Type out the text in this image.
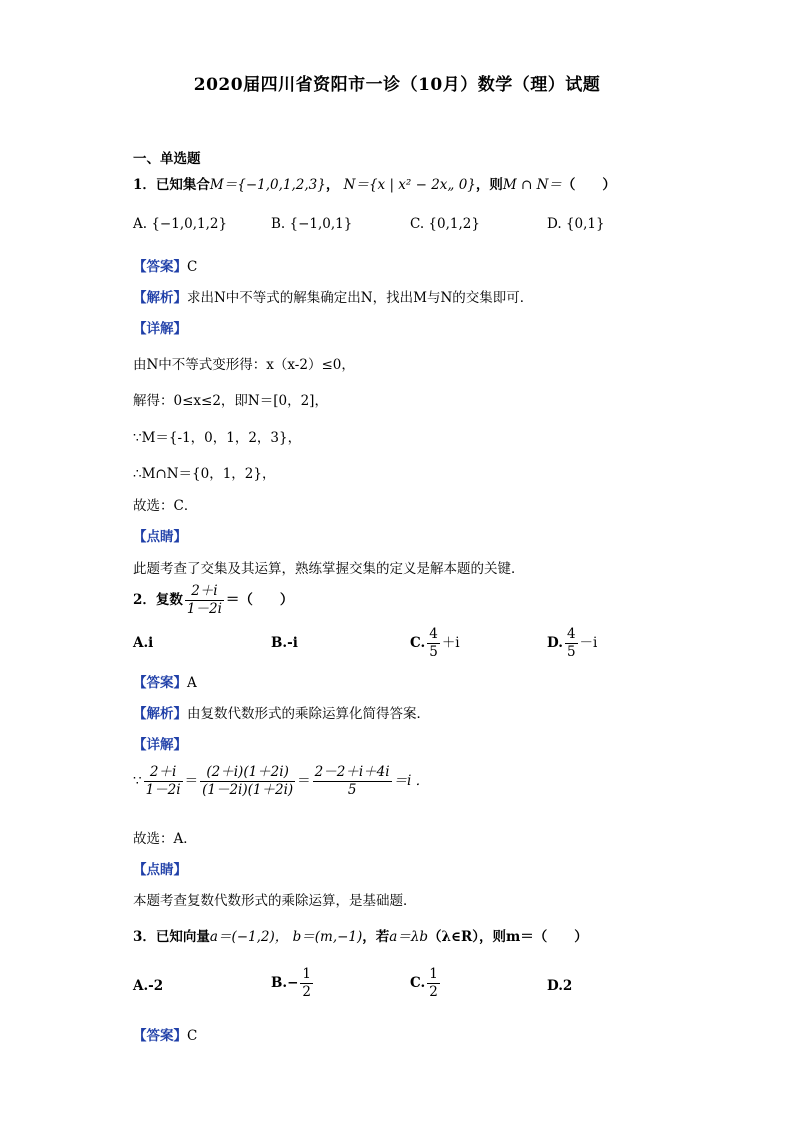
2020届四川省资阳市一诊（10月）数学（理）试题
一、单选题
1．已知集合M＝{−1,0,1,2,3}， N＝{x | x² − 2x„ 0}，则M ∩ N＝（　　）
A. {−1,0,1,2}	B. {−1,0,1}	C. {0,1,2}	D. {0,1}
【答案】C
【解析】求出N中不等式的解集确定出N，找出M与N的交集即可．
【详解】
由N中不等式变形得：x（x-2）≤0，
解得：0≤x≤2，即N＝[0，2]，
∵M＝{-1，0，1，2，3}，
∴M∩N＝{0，1，2}，
故选：C．
【点睛】
此题考查了交集及其运算，熟练掌握交集的定义是解本题的关键．
2．复数 $\frac{2+i}{1-2i}$ ＝（　　）
A.i	B.-i	C. $\frac{4}{5} +i$	D. $\frac{4}{5} -i$
【答案】A
【解析】由复数代数形式的乘除运算化简得答案．
【详解】
∵ $\frac{2+i}{1-2i} = \frac{(2+i)(1+2i)}{(1-2i)(1+2i)} = \frac{2-2+i+4i}{5} =i$ ．
故选：A．
【点睛】
本题考查复数代数形式的乘除运算，是基础题．
3．已知向量a＝(−1,2)， b＝(m,−1)，若a＝λb（λ∈R），则m＝（　　）
A.-2	$B.- \frac{1}{2}$	C. $\frac{1}{2}$	D.2
【答案】C
